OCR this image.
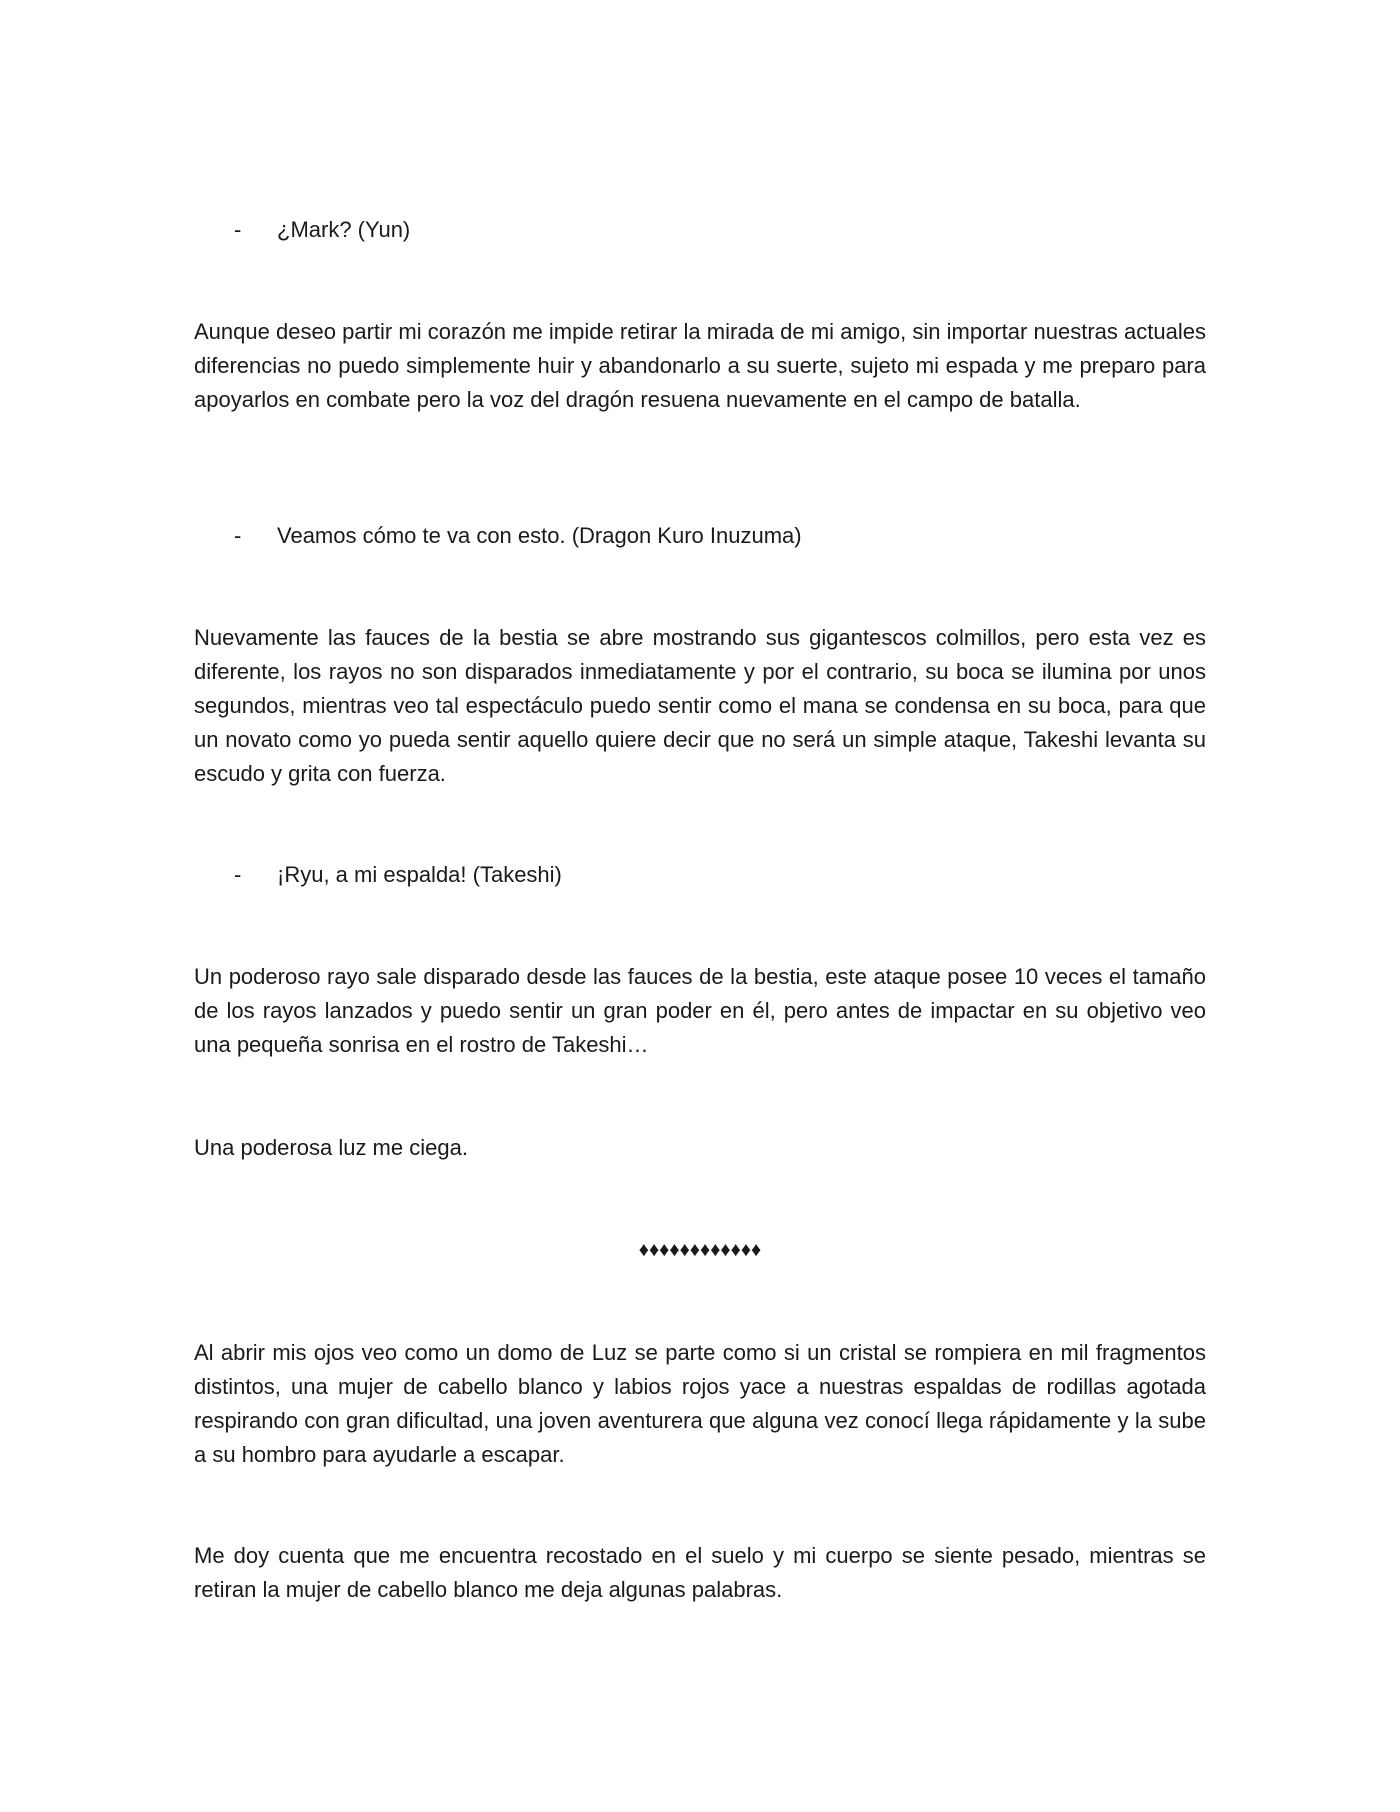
-	¿Mark? (Yun)

Aunque deseo partir mi corazón me impide retirar la mirada de mi amigo, sin importar nuestras actuales diferencias no puedo simplemente huir y abandonarlo a su suerte, sujeto mi espada y me preparo para apoyarlos en combate pero la voz del dragón resuena nuevamente en el campo de batalla.

-	Veamos cómo te va con esto. (Dragon Kuro Inuzuma)

Nuevamente las fauces de la bestia se abre mostrando sus gigantescos colmillos, pero esta vez es diferente, los rayos no son disparados inmediatamente y por el contrario, su boca se ilumina por unos segundos, mientras veo tal espectáculo puedo sentir como el mana se condensa en su boca, para que un novato como yo pueda sentir aquello quiere decir que no será un simple ataque, Takeshi levanta su escudo y grita con fuerza.

-	¡Ryu, a mi espalda! (Takeshi)

Un poderoso rayo sale disparado desde las fauces de la bestia, este ataque posee 10 veces el tamaño de los rayos lanzados y puedo sentir un gran poder en él, pero antes de impactar en su objetivo veo una pequeña sonrisa en el rostro de Takeshi…

Una poderosa luz me ciega.

♦♦♦♦♦♦♦♦♦♦♦♦

Al abrir mis ojos veo como un domo de Luz se parte como si un cristal se rompiera en mil fragmentos distintos, una mujer de cabello blanco y labios rojos yace a nuestras espaldas de rodillas agotada respirando con gran dificultad, una joven aventurera que alguna vez conocí llega rápidamente y la sube a su hombro para ayudarle a escapar.

Me doy cuenta que me encuentra recostado en el suelo y mi cuerpo se siente pesado, mientras se retiran la mujer de cabello blanco me deja algunas palabras.
